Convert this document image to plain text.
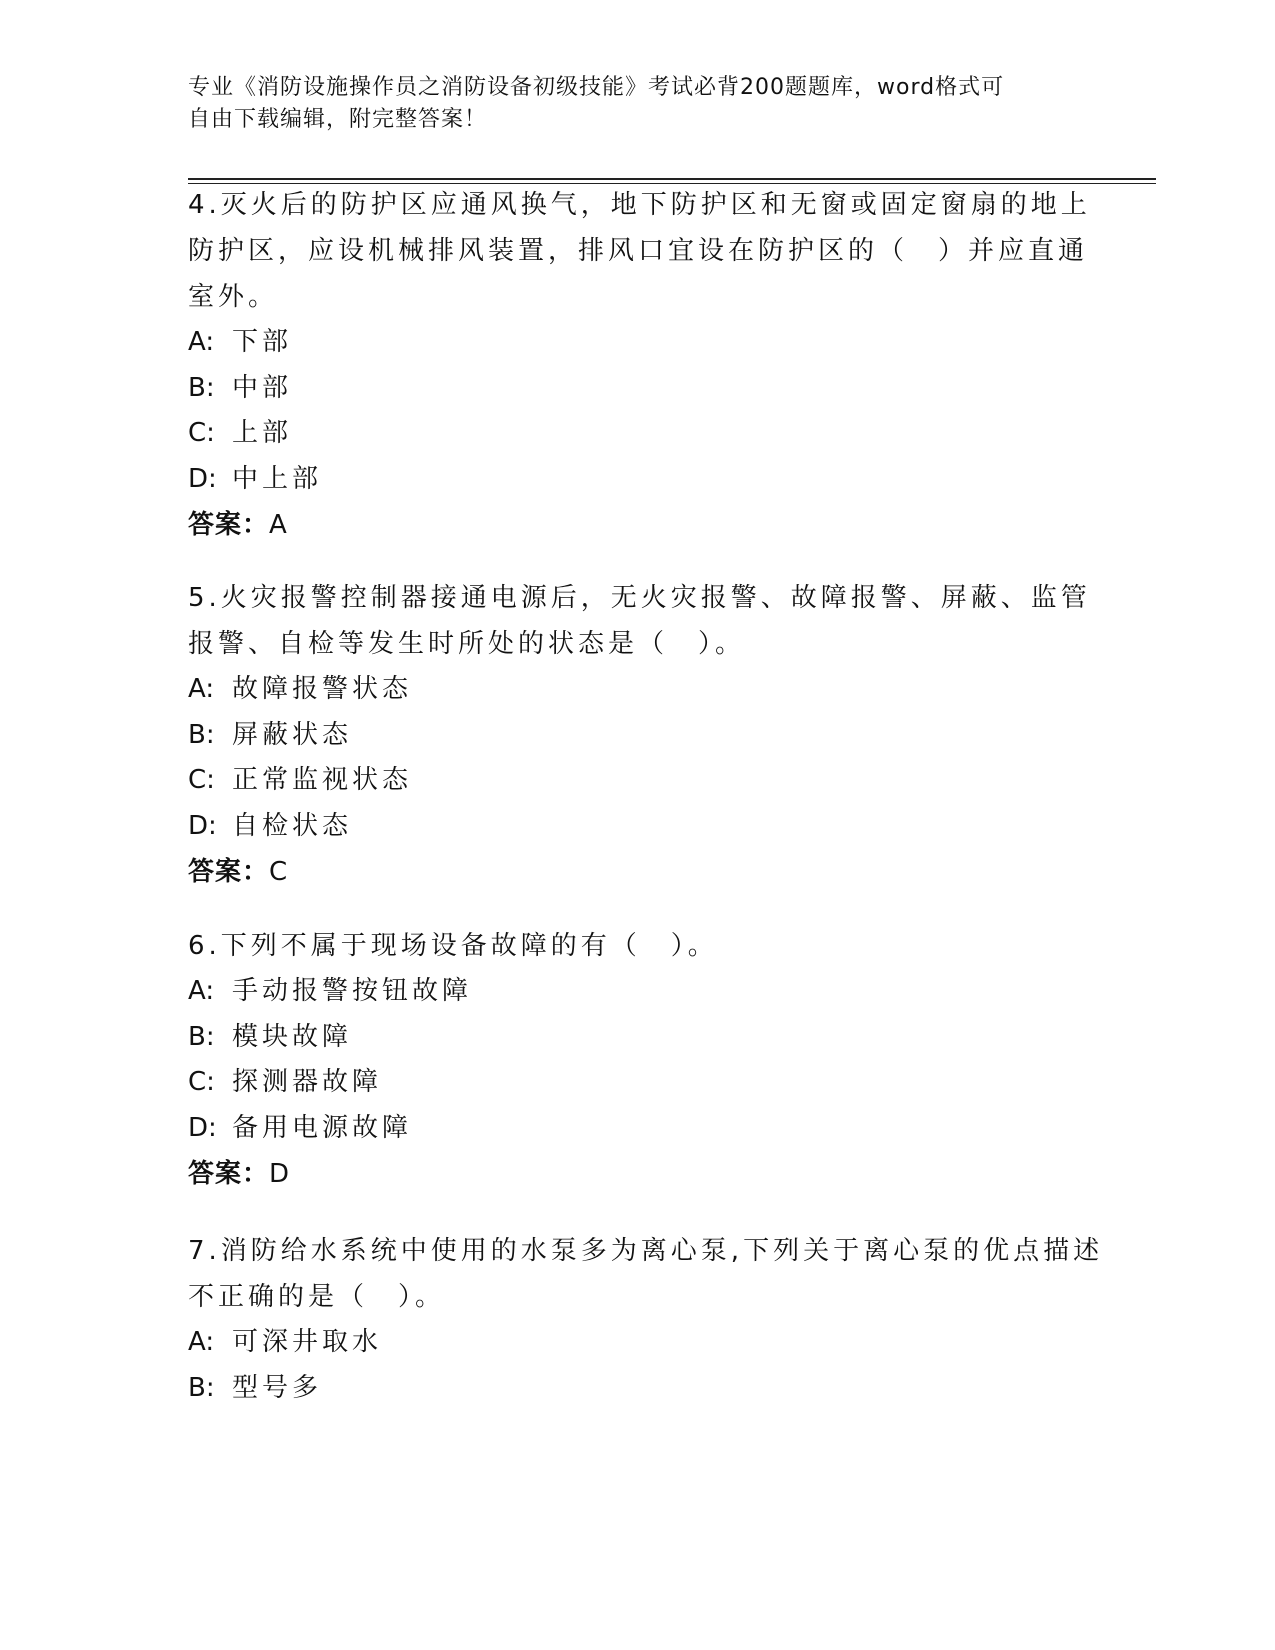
专业《消防设施操作员之消防设备初级技能》考试必背200题题库，word格式可
自由下载编辑，附完整答案！
4.灭火后的防护区应通风换气，地下防护区和无窗或固定窗扇的地上
防护区，应设机械排风装置，排风口宜设在防护区的（　）并应直通
室外。
A: 下部
B: 中部
C: 上部
D: 中上部
答案：A
5.火灾报警控制器接通电源后，无火灾报警、故障报警、屏蔽、监管
报警、自检等发生时所处的状态是（　）。
A: 故障报警状态
B: 屏蔽状态
C: 正常监视状态
D: 自检状态
答案：C
6.下列不属于现场设备故障的有（　）。
A: 手动报警按钮故障
B: 模块故障
C: 探测器故障
D: 备用电源故障
答案：D
7.消防给水系统中使用的水泵多为离心泵,下列关于离心泵的优点描述
不正确的是（　）。
A: 可深井取水
B: 型号多
